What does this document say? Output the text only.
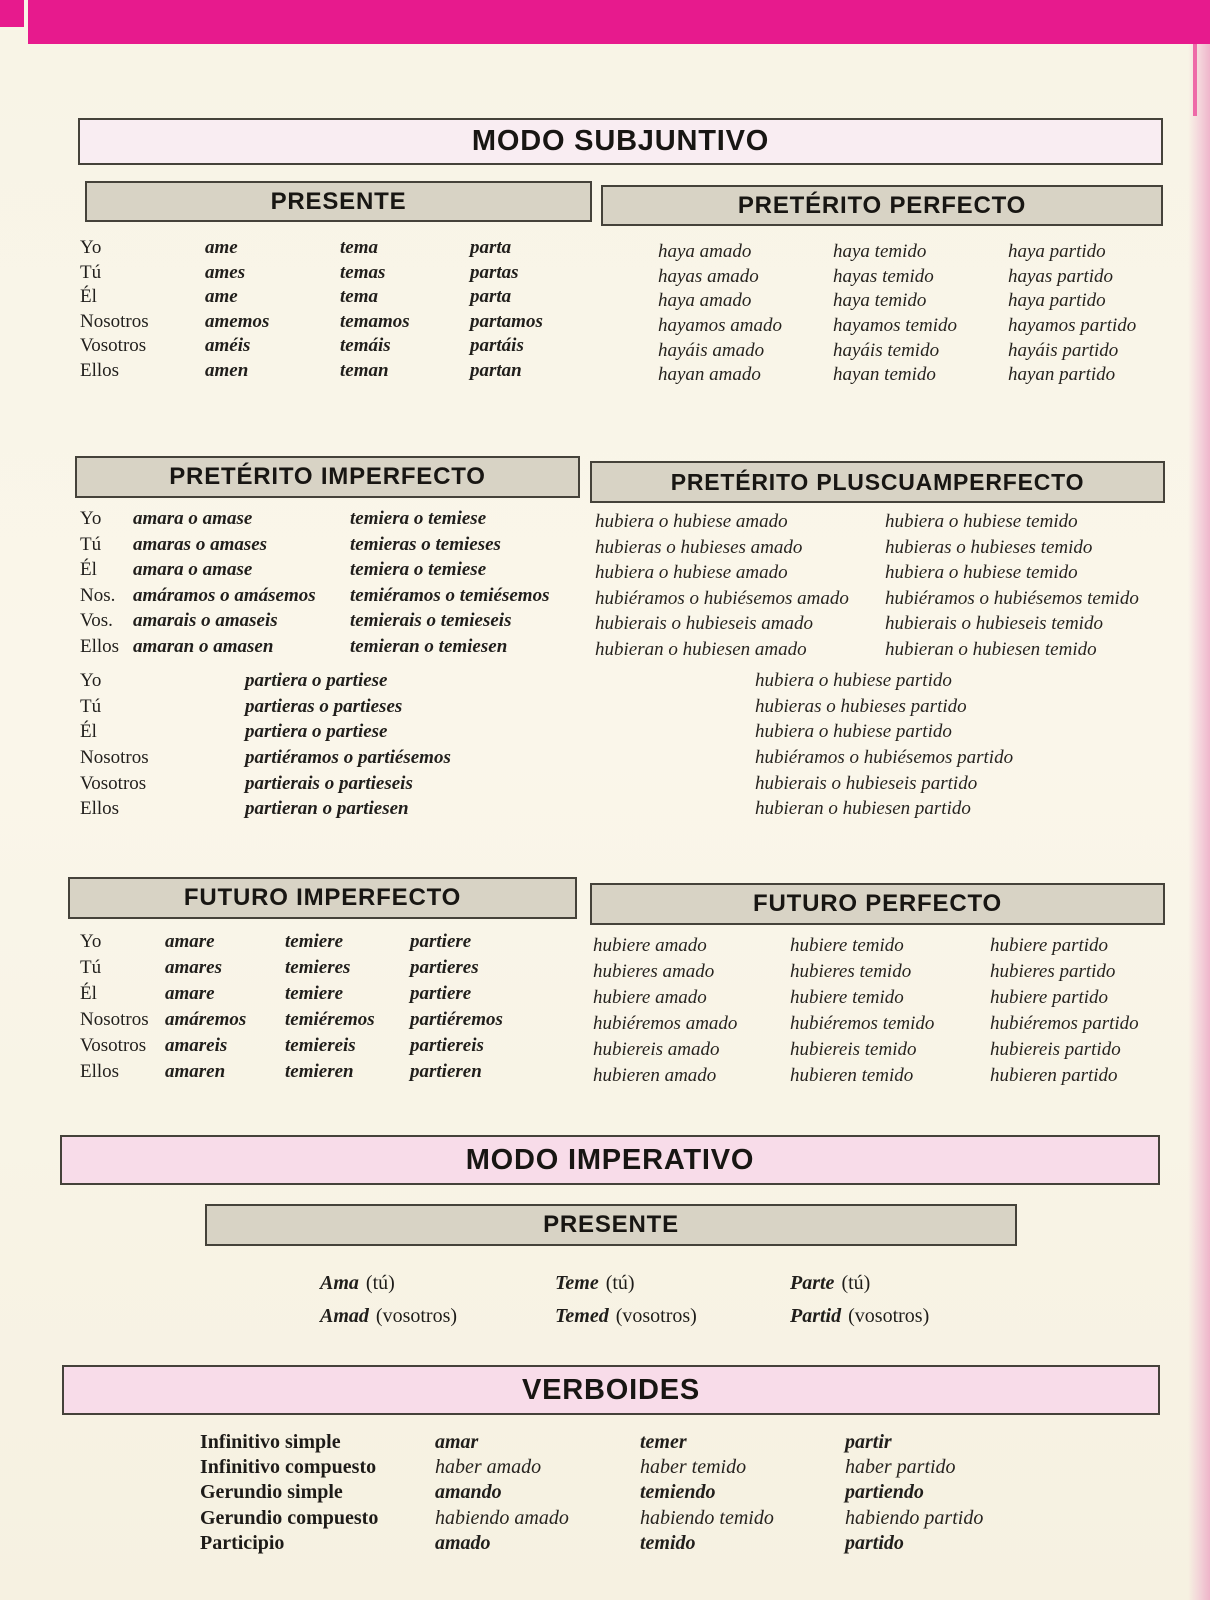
MODO SUBJUNTIVO
PRESENTE	PRETÉRITO PERFECTO
Yo	ame	tema	parta
Tú	ames	temas	partas
Él	ame	tema	parta
Nosotros	amemos	temamos	partamos
Vosotros	améis	temáis	partáis
Ellos	amen	teman	partan
haya amado	haya temido	haya partido
hayas amado	hayas temido	hayas partido
haya amado	haya temido	haya partido
hayamos amado	hayamos temido	hayamos partido
hayáis amado	hayáis temido	hayáis partido
hayan amado	hayan temido	hayan partido
PRETÉRITO IMPERFECTO	PRETÉRITO PLUSCUAMPERFECTO
Yo	amara o amase	temiera o temiese
Tú	amaras o amases	temieras o temieses
Él	amara o amase	temiera o temiese
Nos. amáramos o amásemos	temiéramos o temiésemos
Vos.	amarais o amaseis	temierais o temieseis
Ellos amaran o amasen	temieran o temiesen
hubiera o hubiese amado	hubiera o hubiese temido
hubieras o hubieses amado	hubieras o hubieses temido
hubiera o hubiese amado	hubiera o hubiese temido
hubiéramos o hubiésemos amado	hubiéramos o hubiésemos temido
hubierais o hubieseis amado	hubierais o hubieseis temido
hubieran o hubiesen amado	hubieran o hubiesen temido
Yo	partiera o partiese	hubiera o hubiese partido
Tú	partieras o partieses	hubieras o hubieses partido
Él	partiera o partiese	hubiera o hubiese partido
Nosotros	partiéramos o partiésemos	hubiéramos o hubiésemos partido
Vosotros	partierais o partieseis	hubierais o hubieseis partido
Ellos	partieran o partiesen	hubieran o hubiesen partido
FUTURO IMPERFECTO	FUTURO PERFECTO
Yo	amare	temiere	partiere
Tú	amares	temieres	partieres
Él	amare	temiere	partiere
Nosotros amáremos	temiéremos	partiéremos
Vosotros amareis	temiereis	partiereis
Ellos	amaren	temieren	partieren
hubiere amado	hubiere temido	hubiere partido
hubieres amado	hubieres temido	hubieres partido
hubiere amado	hubiere temido	hubiere partido
hubiéremos amado	hubiéremos temido	hubiéremos partido
hubiereis amado	hubiereis temido	hubiereis partido
hubieren amado	hubieren temido	hubieren partido
MODO IMPERATIVO
PRESENTE
Ama (tú)	Teme (tú)	Parte (tú)
Amad (vosotros)	Temed (vosotros)	Partid (vosotros)
VERBOIDES
Infinitivo simple	amar	temer	partir
Infinitivo compuesto	haber amado	haber temido	haber partido
Gerundio simple	amando	temiendo	partiendo
Gerundio compuesto	habiendo amado	habiendo temido	habiendo partido
Participio	amado	temido	partido
